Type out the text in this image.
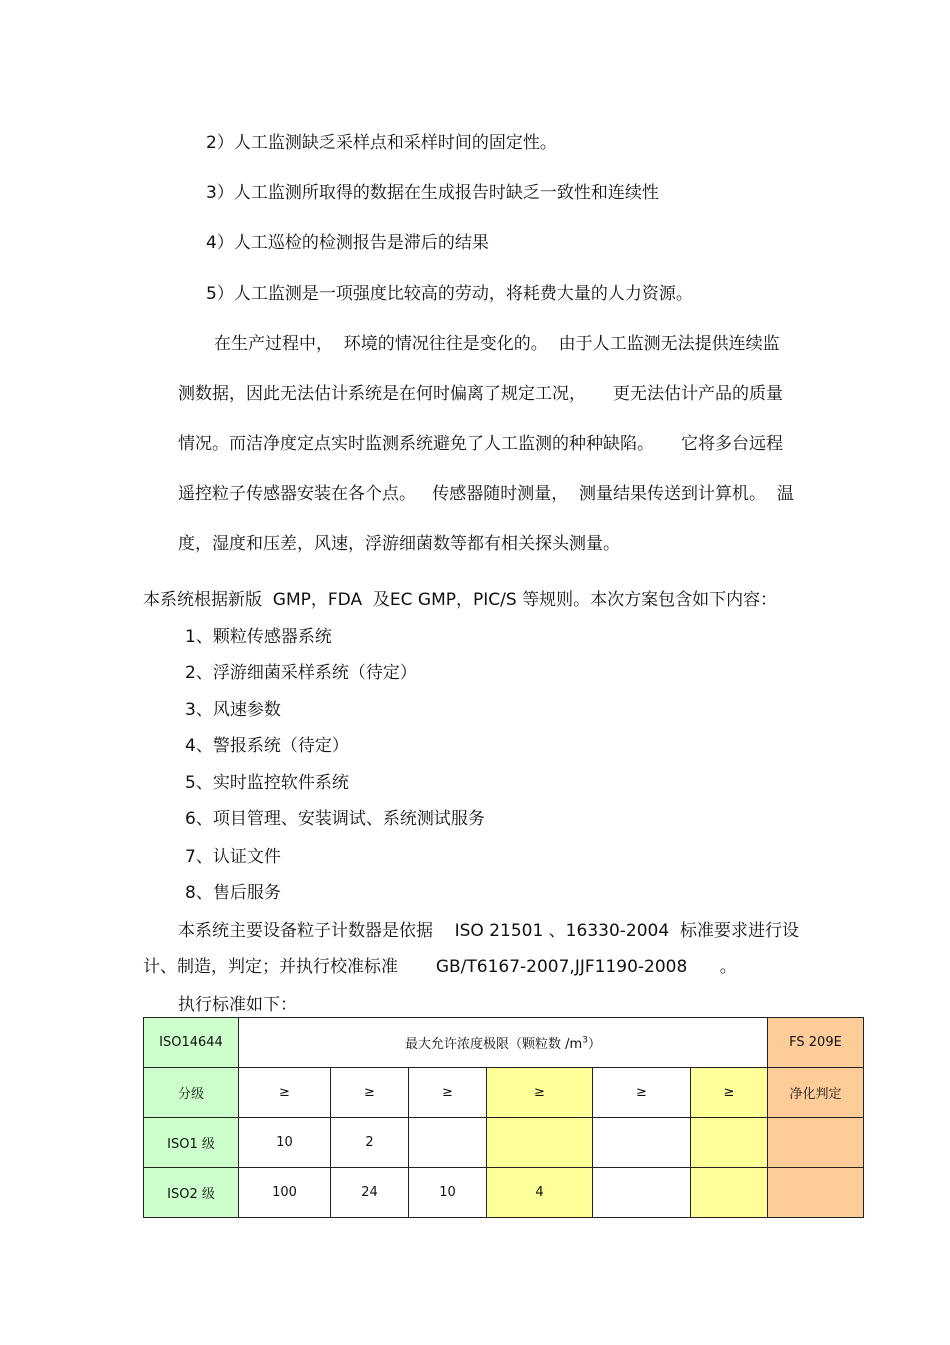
2）人工监测缺乏采样点和采样时间的固定性。
3）人工监测所取得的数据在生成报告时缺乏一致性和连续性
4）人工巡检的检测报告是滞后的结果
5）人工监测是一项强度比较高的劳动，将耗费大量的人力资源。
在生产过程中，  环境的情况往往是变化的。  由于人工监测无法提供连续监
测数据，因此无法估计系统是在何时偏离了规定工况，     更无法估计产品的质量
情况。而洁净度定点实时监测系统避免了人工监测的种种缺陷。     它将多台远程
遥控粒子传感器安装在各个点。   传感器随时测量，  测量结果传送到计算机。  温
度，湿度和压差，风速，浮游细菌数等都有相关探头测量。
本系统根据新版  GMP，FDA  及EC GMP，PIC/S 等规则。本次方案包含如下内容：
1、颗粒传感器系统
2、浮游细菌采样系统（待定）
3、风速参数
4、警报系统（待定）
5、实时监控软件系统
6、项目管理、安装调试、系统测试服务
7、认证文件
8、售后服务
本系统主要设备粒子计数器是依据    ISO 21501 、16330-2004  标准要求进行设
计、制造，判定；并执行校准标准       GB/T6167-2007,JJF1190-2008      。
执行标准如下：
ISO14644	最大允许浓度极限（颗粒数 $/m^3$）						FS 209E
分级	≥	≥	≥	≥	≥	≥	净化判定
ISO1 级	10	2					
ISO2 级	100	24	10	4			
